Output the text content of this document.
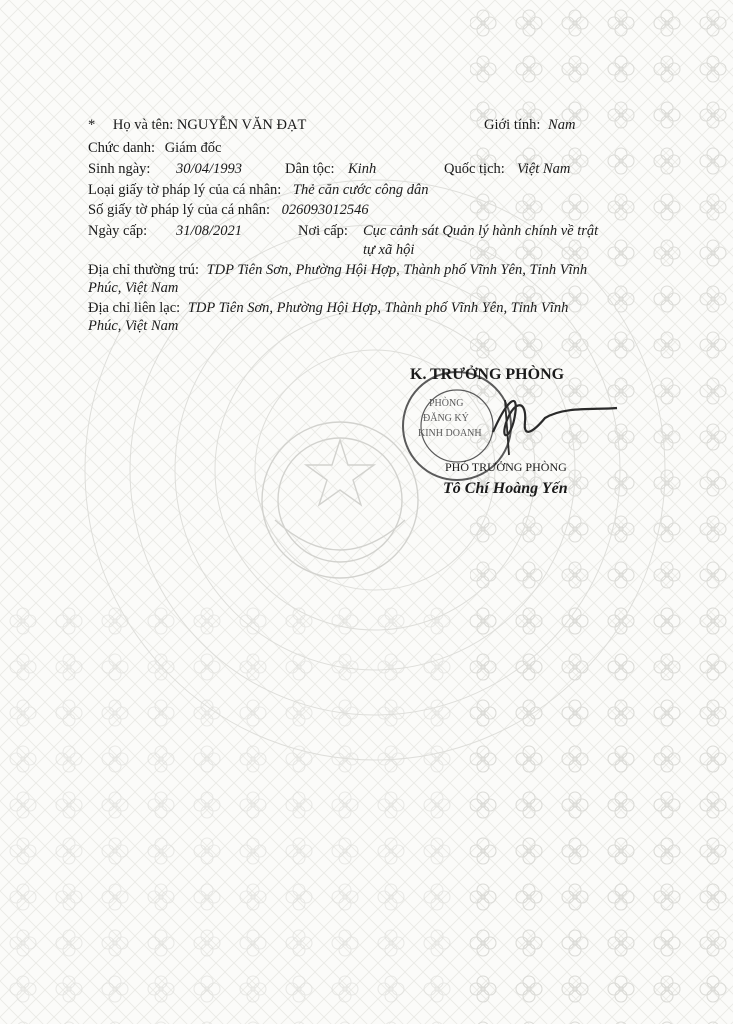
* Họ và tên: NGUYỄN VĂN ĐẠT	Giới tính: Nam
Chức danh: Giám đốc
Sinh ngày: 30/04/1993	Dân tộc: Kinh	Quốc tịch: Việt Nam
Loại giấy tờ pháp lý của cá nhân: Thẻ căn cước công dân
Số giấy tờ pháp lý của cá nhân: 026093012546
Ngày cấp: 31/08/2021	Nơi cấp: Cục cảnh sát Quản lý hành chính về trật
tự xã hội
Địa chỉ thường trú: TDP Tiên Sơn, Phường Hội Hợp, Thành phố Vĩnh Yên, Tỉnh Vĩnh
Phúc, Việt Nam
Địa chỉ liên lạc: TDP Tiên Sơn, Phường Hội Hợp, Thành phố Vĩnh Yên, Tỉnh Vĩnh
Phúc, Việt Nam
K. TRƯỞNG PHÒNG
PHÒNG
ĐĂNG KÝ
KINH DOANH
PHÓ TRƯỞNG PHÒNG
Tô Chí Hoàng Yến
